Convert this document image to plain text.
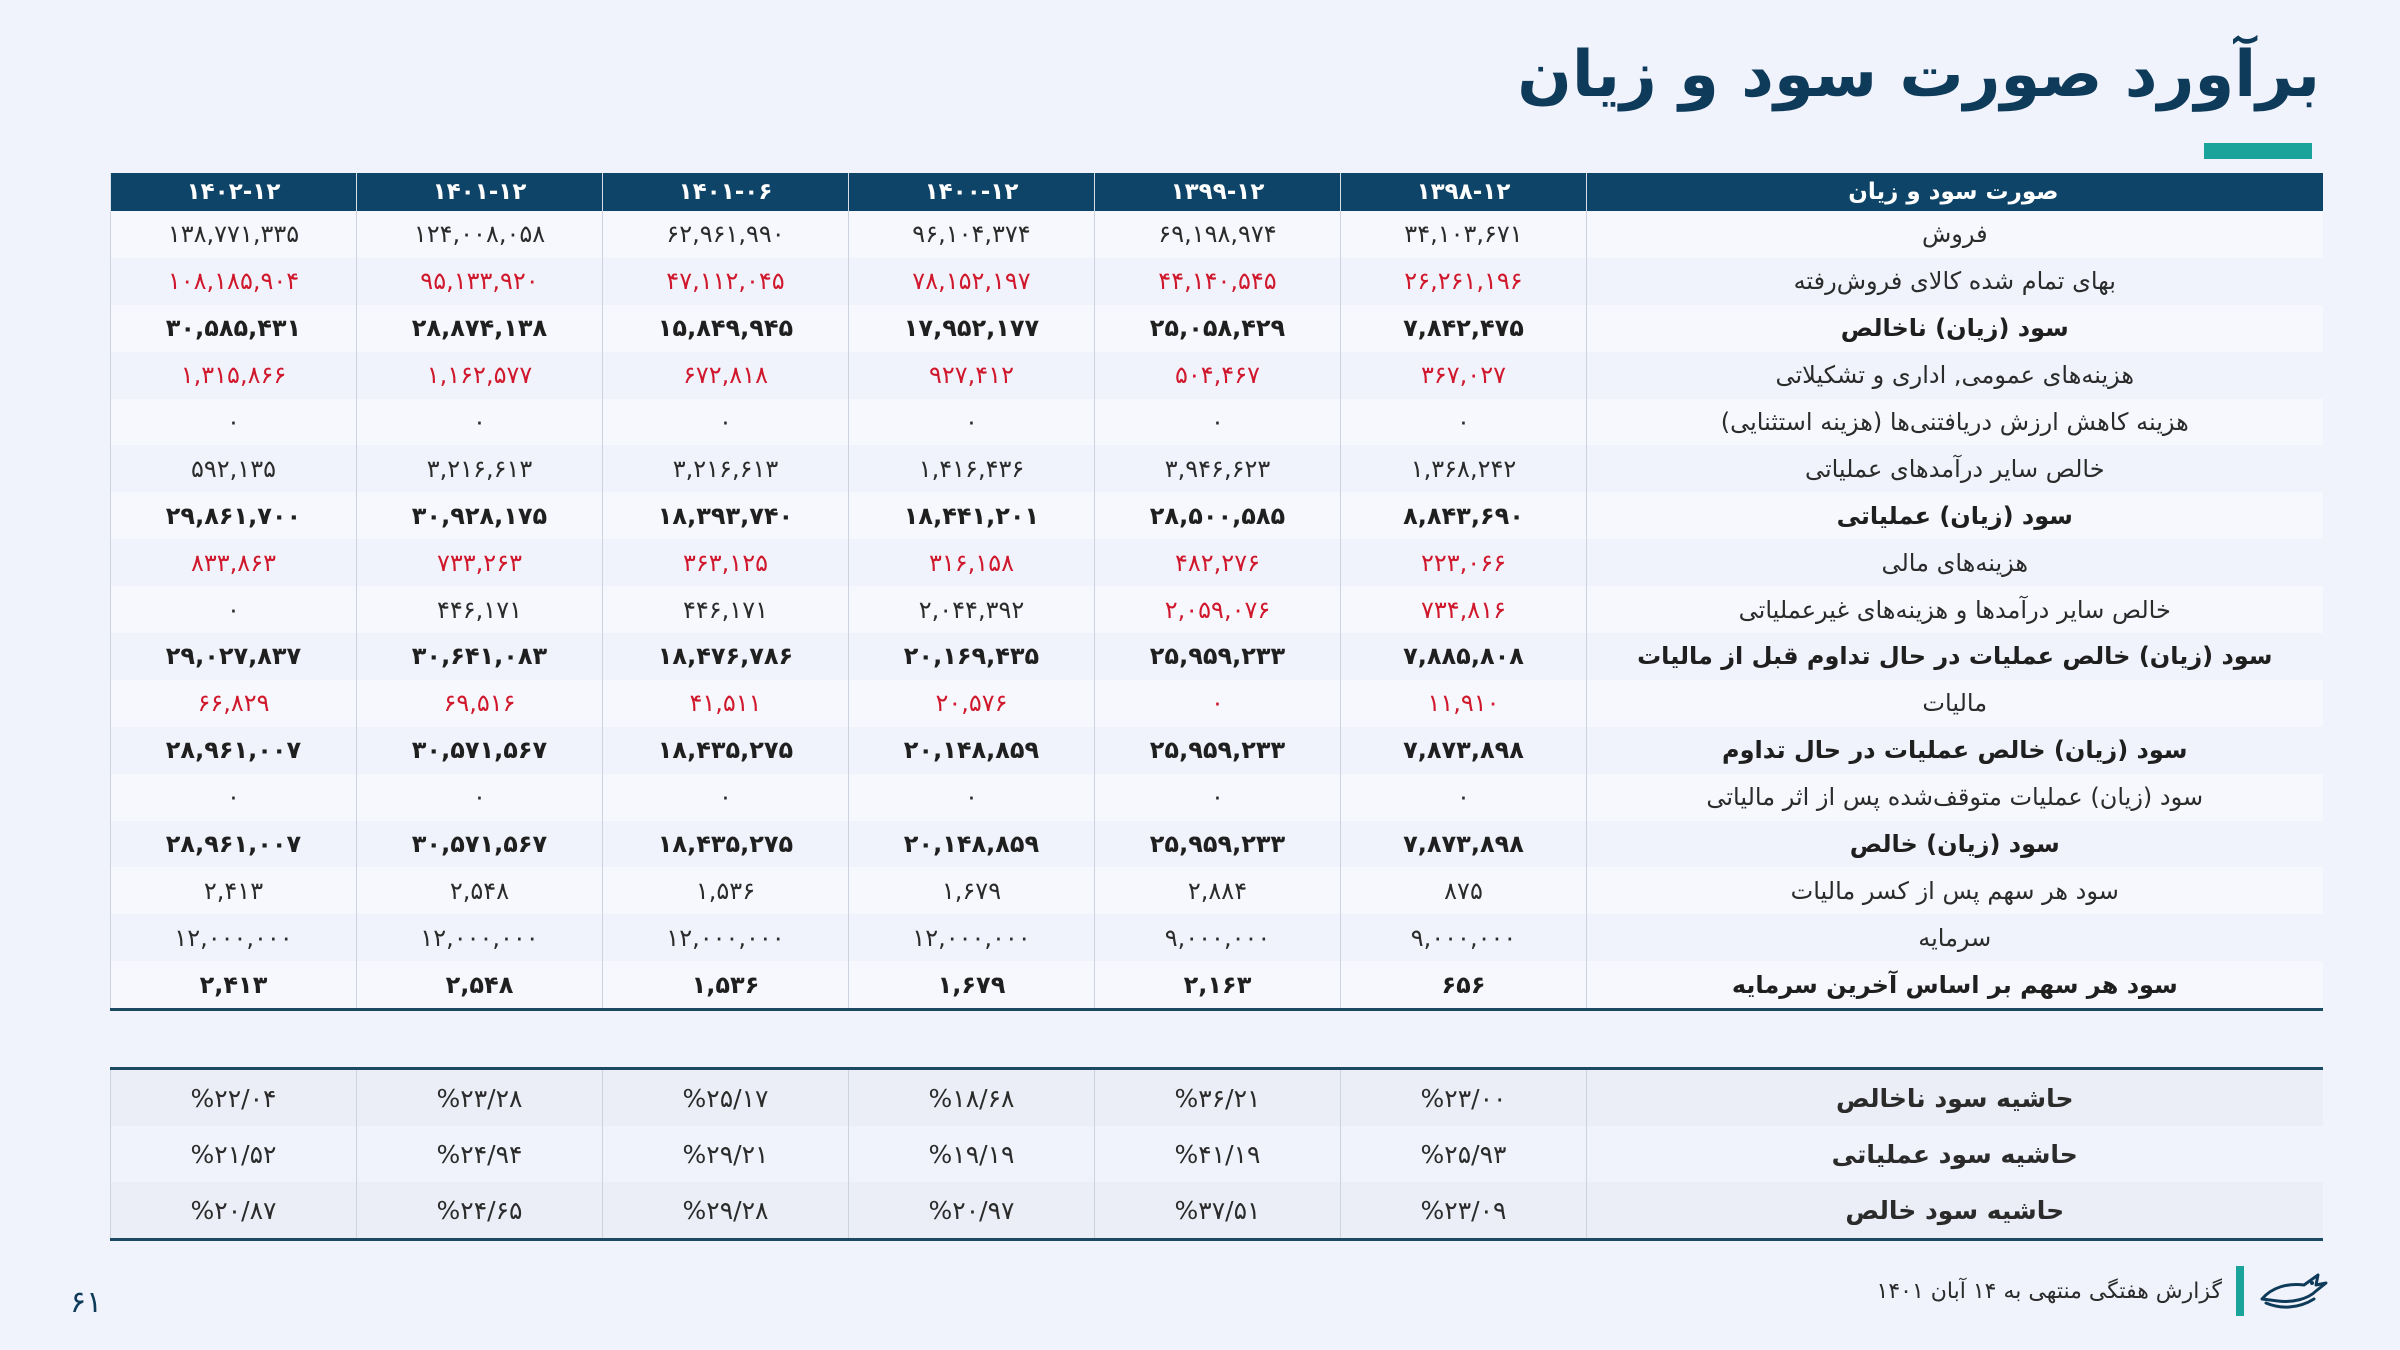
برآورد صورت سود و زیان
صورت سود و زیان	۱۳۹۸-۱۲	۱۳۹۹-۱۲	۱۴۰۰-۱۲	۱۴۰۱-۰۶	۱۴۰۱-۱۲	۱۴۰۲-۱۲
فروش	۳۴,۱۰۳,۶۷۱	۶۹,۱۹۸,۹۷۴	۹۶,۱۰۴,۳۷۴	۶۲,۹۶۱,۹۹۰	۱۲۴,۰۰۸,۰۵۸	۱۳۸,۷۷۱,۳۳۵
بهای تمام شده کالای فروش‌رفته	۲۶,۲۶۱,۱۹۶	۴۴,۱۴۰,۵۴۵	۷۸,۱۵۲,۱۹۷	۴۷,۱۱۲,۰۴۵	۹۵,۱۳۳,۹۲۰	۱۰۸,۱۸۵,۹۰۴
سود (زیان) ناخالص	۷,۸۴۲,۴۷۵	۲۵,۰۵۸,۴۲۹	۱۷,۹۵۲,۱۷۷	۱۵,۸۴۹,۹۴۵	۲۸,۸۷۴,۱۳۸	۳۰,۵۸۵,۴۳۱
هزینه‌های عمومی, اداری و تشکیلاتی	۳۶۷,۰۲۷	۵۰۴,۴۶۷	۹۲۷,۴۱۲	۶۷۲,۸۱۸	۱,۱۶۲,۵۷۷	۱,۳۱۵,۸۶۶
هزینه کاهش ارزش دریافتنی‌ها (هزینه استثنایی)	۰	۰	۰	۰	۰	۰
خالص سایر درآمدهای عملیاتی	۱,۳۶۸,۲۴۲	۳,۹۴۶,۶۲۳	۱,۴۱۶,۴۳۶	۳,۲۱۶,۶۱۳	۳,۲۱۶,۶۱۳	۵۹۲,۱۳۵
سود (زیان) عملیاتی	۸,۸۴۳,۶۹۰	۲۸,۵۰۰,۵۸۵	۱۸,۴۴۱,۲۰۱	۱۸,۳۹۳,۷۴۰	۳۰,۹۲۸,۱۷۵	۲۹,۸۶۱,۷۰۰
هزینه‌های مالی	۲۲۳,۰۶۶	۴۸۲,۲۷۶	۳۱۶,۱۵۸	۳۶۳,۱۲۵	۷۳۳,۲۶۳	۸۳۳,۸۶۳
خالص سایر درآمدها و هزینه‌های غیرعملیاتی	۷۳۴,۸۱۶	۲,۰۵۹,۰۷۶	۲,۰۴۴,۳۹۲	۴۴۶,۱۷۱	۴۴۶,۱۷۱	۰
سود (زیان) خالص عملیات در حال تداوم قبل از مالیات	۷,۸۸۵,۸۰۸	۲۵,۹۵۹,۲۳۳	۲۰,۱۶۹,۴۳۵	۱۸,۴۷۶,۷۸۶	۳۰,۶۴۱,۰۸۳	۲۹,۰۲۷,۸۳۷
مالیات	۱۱,۹۱۰	۰	۲۰,۵۷۶	۴۱,۵۱۱	۶۹,۵۱۶	۶۶,۸۲۹
سود (زیان) خالص عملیات در حال تداوم	۷,۸۷۳,۸۹۸	۲۵,۹۵۹,۲۳۳	۲۰,۱۴۸,۸۵۹	۱۸,۴۳۵,۲۷۵	۳۰,۵۷۱,۵۶۷	۲۸,۹۶۱,۰۰۷
سود (زیان) عملیات متوقف‌شده پس از اثر مالیاتی	۰	۰	۰	۰	۰	۰
سود (زیان) خالص	۷,۸۷۳,۸۹۸	۲۵,۹۵۹,۲۳۳	۲۰,۱۴۸,۸۵۹	۱۸,۴۳۵,۲۷۵	۳۰,۵۷۱,۵۶۷	۲۸,۹۶۱,۰۰۷
سود هر سهم پس از کسر مالیات	۸۷۵	۲,۸۸۴	۱,۶۷۹	۱,۵۳۶	۲,۵۴۸	۲,۴۱۳
سرمایه	۹,۰۰۰,۰۰۰	۹,۰۰۰,۰۰۰	۱۲,۰۰۰,۰۰۰	۱۲,۰۰۰,۰۰۰	۱۲,۰۰۰,۰۰۰	۱۲,۰۰۰,۰۰۰
سود هر سهم بر اساس آخرین سرمایه	۶۵۶	۲,۱۶۳	۱,۶۷۹	۱,۵۳۶	۲,۵۴۸	۲,۴۱۳
حاشیه سود ناخالص	%۲۳/۰۰	%۳۶/۲۱	%۱۸/۶۸	%۲۵/۱۷	%۲۳/۲۸	%۲۲/۰۴
حاشیه سود عملیاتی	%۲۵/۹۳	%۴۱/۱۹	%۱۹/۱۹	%۲۹/۲۱	%۲۴/۹۴	%۲۱/۵۲
حاشیه سود خالص	%۲۳/۰۹	%۳۷/۵۱	%۲۰/۹۷	%۲۹/۲۸	%۲۴/۶۵	%۲۰/۸۷
گزارش هفتگی منتهی به ۱۴ آبان ۱۴۰۱
۶۱
